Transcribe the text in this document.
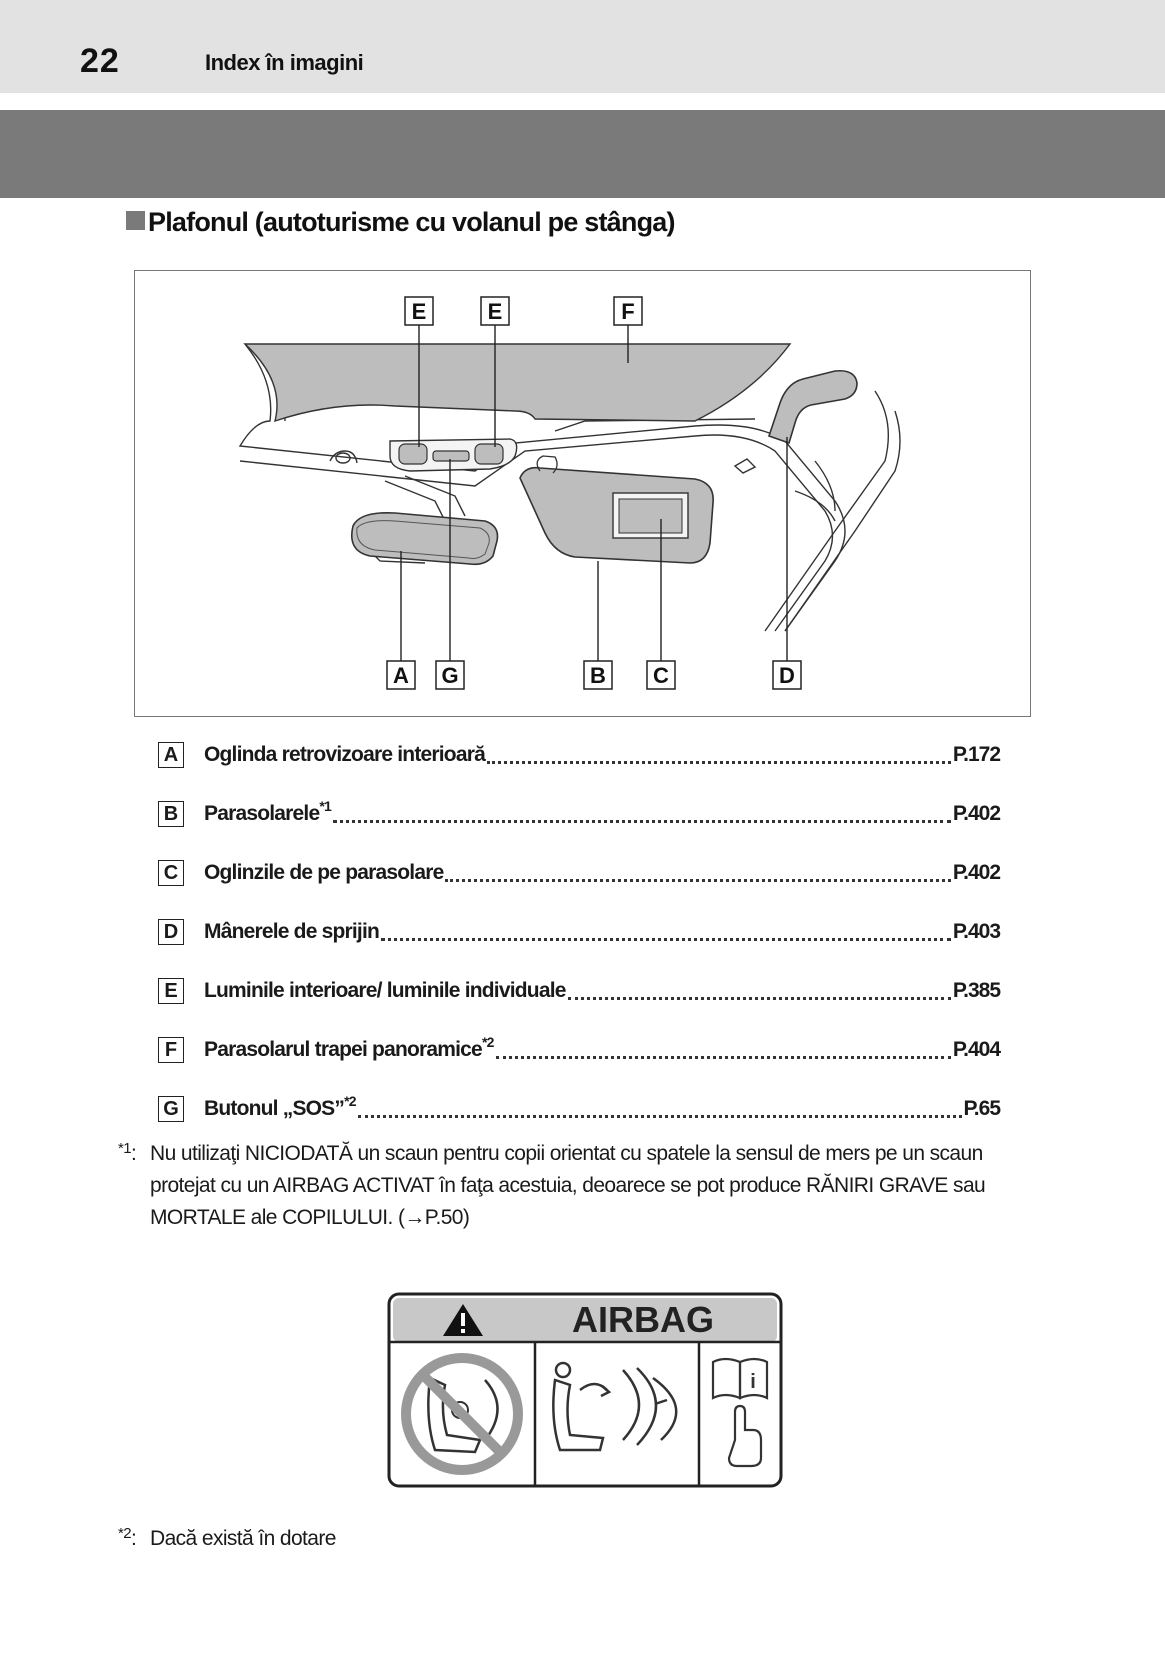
22	Index în imagini
Plafonul (autoturisme cu volanul pe stânga)
E	E	F
A G	B C	D
A Oglinda retrovizoare interioară	P.172
B Parasolarele$^{*1}$	P.402
C Oglinzile de pe parasolare	P.402
D Mânerele de sprijin	P.403
E	Luminile interioare/ luminile individuale	P.385
F	Parasolarul trapei panoramice$^{*2}$	P.404
G Butonul „SOS”$^{*2}$	P.65
$^{*1}$: Nu utilizaţi NICIODATĂ un scaun pentru copii orientat cu spatele la sensul de mers pe un scaun protejat cu un AIRBAG ACTIVAT în faţa acestuia, deoarece se pot produce RĂNIRI GRAVE sau MORTALE ale COPILULUI. (→P.50)
AIRBAG
i
$^{*2}$: Dacă există în dotare
